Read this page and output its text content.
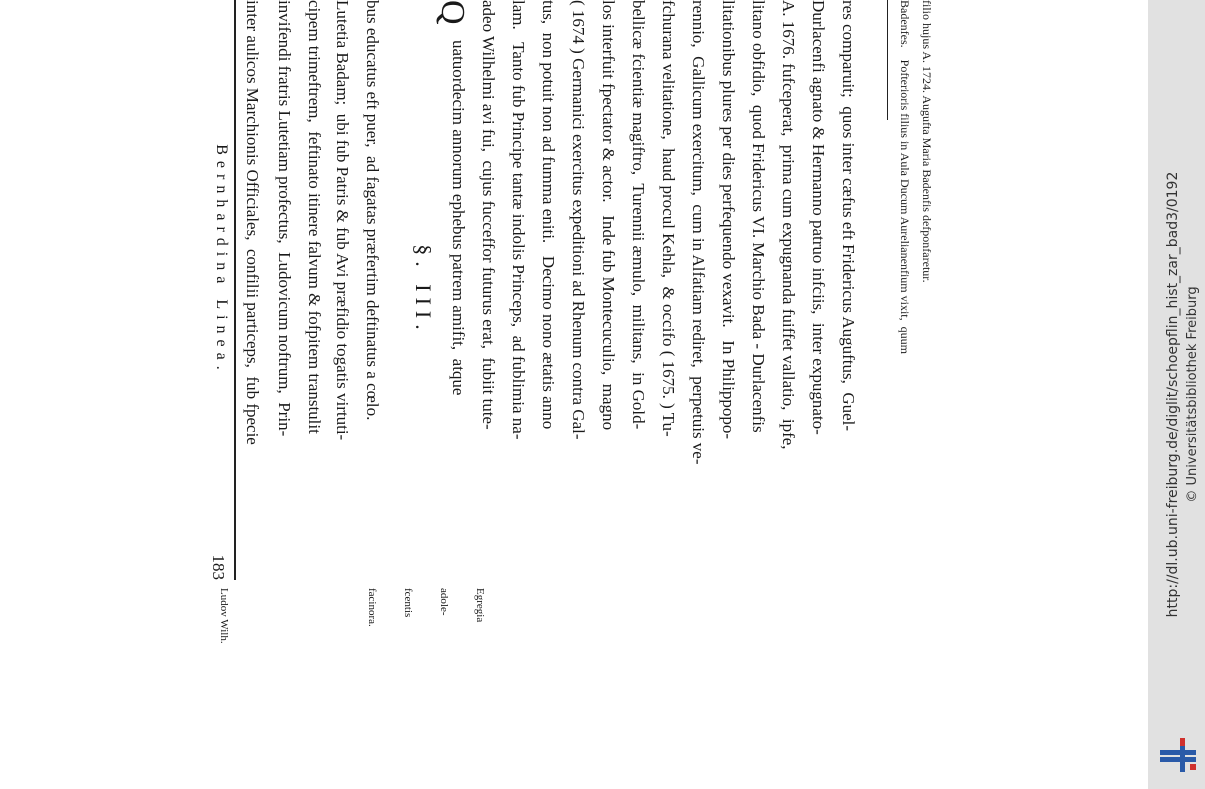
Bernhardina Linea.
183
Ludov Wilh.
inter aulicos Marchionis Officiales,  confilii particeps,  fub fpecie invifendi fratris Lutetiam profectus,  Ludovicum noftrum,  Prin- cipem trimeftrem,  feftinato itinere falvum & fofpitem transtulit Lutetia Badam;  ubi fub Patris & fub Avi præfidio togatis virtuti- bus educatus eft puer,  ad fagatas præfertim deftinatus a cœlo. §. III.
Q
uatuordecim annorum ephebus patrem amifit,  atque adeo Wilhelmi avi fui,  cujus fucceffor futurus erat,  fubiit tute- lam.   Tanto fub Principe tantæ indolis Princeps,  ad fublimia na- tus,  non potuit non ad fumma eniti.   Decimo nono ætatis anno ( 1674 ) Germanici exercitus expeditioni ad Rhenum contra Gal- los interfuit fpectator & actor.   Inde fub Montecuculio,  magno bellicæ fcientiæ magiftro,  Turennii æmulo,  militans,  in Gold- fchurana velitatione,  haud procul Kehla,  & occifo ( 1675. ) Tu- rennio,  Gallicum exercitum,  cum in Alfatiam rediret,  perpetuis ve- litationibus plures per dies perfequendo vexavit.   In Philippopo- litano obfidio,  quod Fridericus VI. Marchio Bada - Durlacenfis A. 1676. fufceperat,  prima cum expugnanda fuiffet vallatio,  ipfe, Durlacenfi agnato & Hermanno patruo infciis,  inter expugnato- res comparuit;  quos inter cæfus eft Fridericus Auguftus,  Guel-

Egregia

adole-

fcentis

facinora.

Badenfes.    Pofterioris filius in Aula Ducum Aurelianenfium vixit,  quum filio hujus A. 1724. Augufta Maria Badenfis defponfaretur.
http://dl.ub.uni-freiburg.de/diglit/schoepflin_hist_zar_bad3/0192 © Universitätsbibliothek Freiburg
